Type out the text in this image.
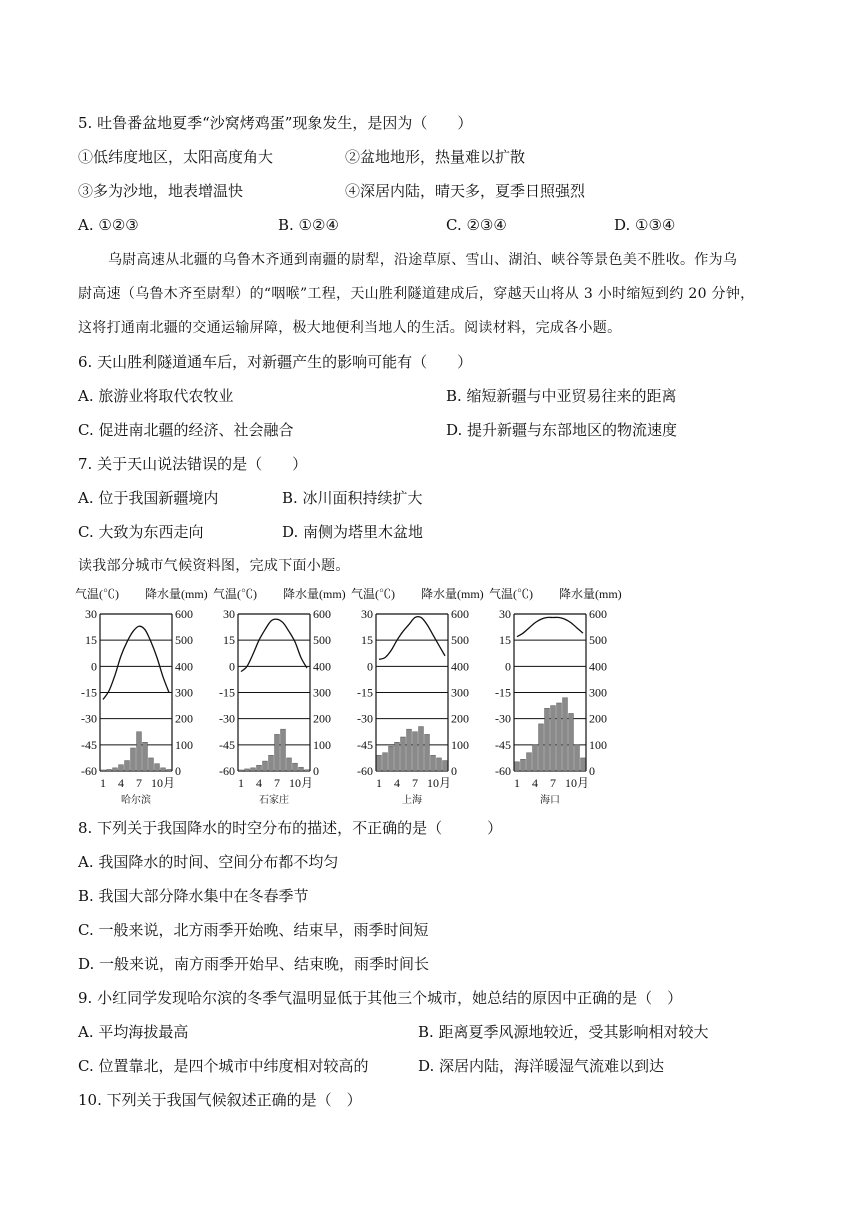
5. 吐鲁番盆地夏季“沙窝烤鸡蛋”现象发生，是因为（　　）
①低纬度地区，太阳高度角大	②盆地地形，热量难以扩散
③多为沙地，地表增温快	④深居内陆，晴天多，夏季日照强烈
A. ①②③	B. ①②④	C. ②③④	D. ①③④
乌尉高速从北疆的乌鲁木齐通到南疆的尉犁，沿途草原、雪山、湖泊、峡谷等景色美不胜收。作为乌
尉高速（乌鲁木齐至尉犁）的“咽喉”工程，天山胜利隧道建成后，穿越天山将从 3 小时缩短到约 20 分钟，
这将打通南北疆的交通运输屏障，极大地便利当地人的生活。阅读材料，完成各小题。
6. 天山胜利隧道通车后，对新疆产生的影响可能有（　　）
A. 旅游业将取代农牧业	B. 缩短新疆与中亚贸易往来的距离
C. 促进南北疆的经济、社会融合	D. 提升新疆与东部地区的物流速度
7. 关于天山说法错误的是（　　）
A. 位于我国新疆境内	B. 冰川面积持续扩大
C. 大致为东西走向	D. 南侧为塔里木盆地
读我部分城市气候资料图，完成下面小题。
气温(℃) 降水量(mm)
30	600
15	500
0	400
-15	300
-30	200
-45	100
-60	0
1 4 7 10月
哈尔滨
气温(℃) 降水量(mm)
30	600
15	500
0	400
-15	300
-30	200
-45	100
-60	0
1 4 7 10月
石家庄
气温(℃) 降水量(mm)
30	600
15	500
0	400
-15	300
-30	200
-45	100
-60	0
1 4 7 10月
上海
气温(℃) 降水量(mm)
30	600
15	500
0	400
-15	300
-30	200
-45	100
-60	0
1 4 7 10月
海口
8. 下列关于我国降水的时空分布的描述，不正确的是（　　　）
A. 我国降水的时间、空间分布都不均匀
B. 我国大部分降水集中在冬春季节
C. 一般来说，北方雨季开始晚、结束早，雨季时间短
D. 一般来说，南方雨季开始早、结束晚，雨季时间长
9. 小红同学发现哈尔滨的冬季气温明显低于其他三个城市，她总结的原因中正确的是（　）
A. 平均海拔最高	B. 距离夏季风源地较近，受其影响相对较大
C. 位置靠北，是四个城市中纬度相对较高的	D. 深居内陆，海洋暖湿气流难以到达
10. 下列关于我国气候叙述正确的是（　）
